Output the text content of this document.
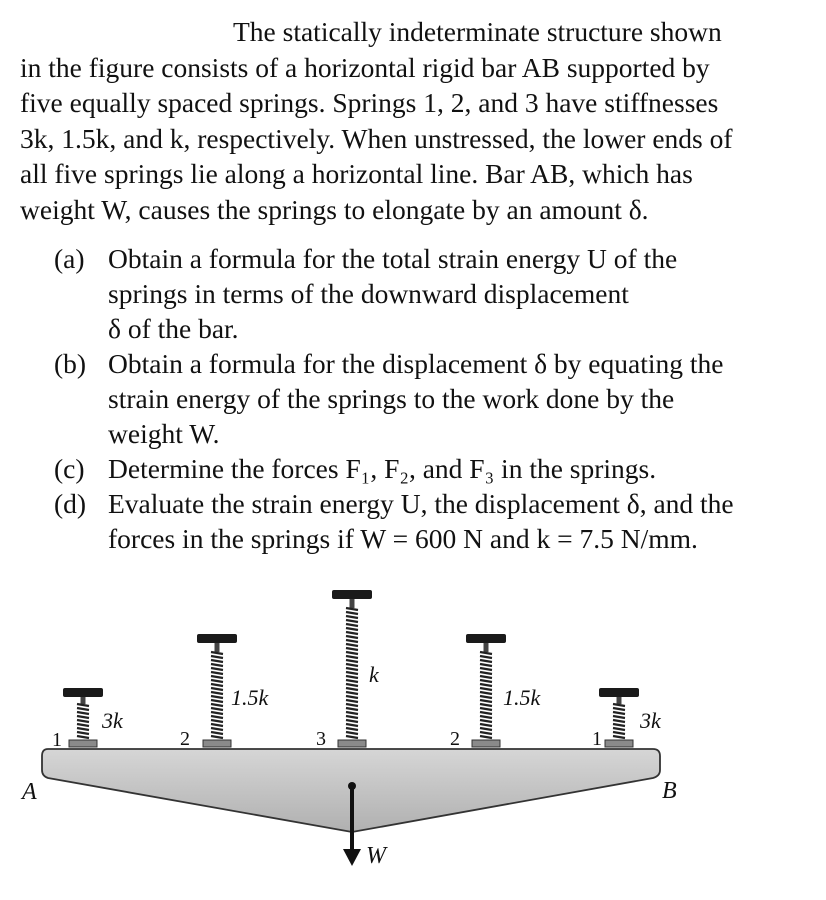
The statically indeterminate structure shown
in the figure consists of a horizontal rigid bar AB supported by
five equally spaced springs. Springs 1, 2, and 3 have stiffnesses
3k, 1.5k, and k, respectively. When unstressed, the lower ends of
all five springs lie along a horizontal line. Bar AB, which has
weight W, causes the springs to elongate by an amount δ.

(a) Obtain a formula for the total strain energy U of the
springs in terms of the downward displacement
δ of the bar.
(b) Obtain a formula for the displacement δ by equating the
strain energy of the springs to the work done by the
weight W.
(c) Determine the forces F₁, F₂, and F₃ in the springs.
(d) Evaluate the strain energy U, the displacement δ, and the
forces in the springs if W = 600 N and k = 7.5 N/mm.
1
3k
2
1.5k
3
k
2
1.5k
1
3k
A	B
W
